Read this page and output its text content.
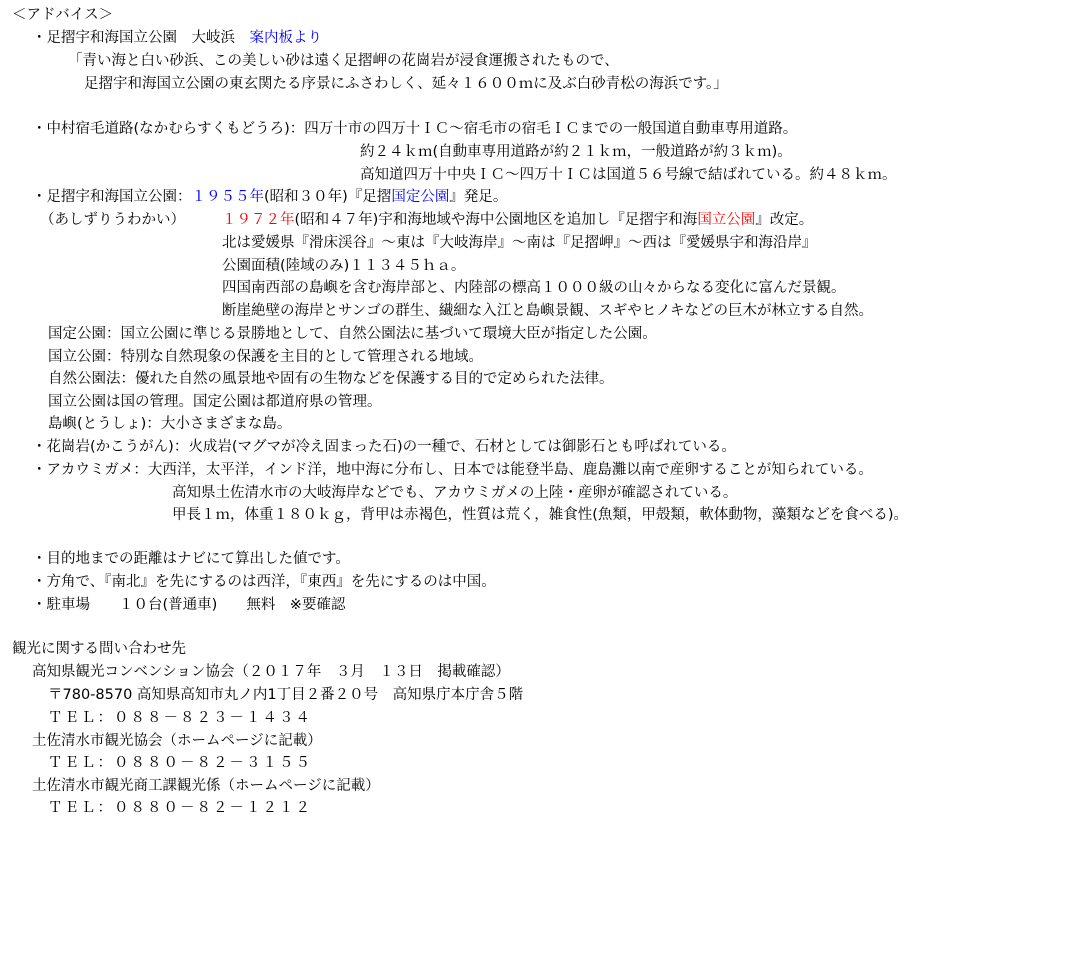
＜アドバイス＞
・足摺宇和海国立公園　大岐浜　 案内板より
「青い海と白い砂浜、この美しい砂は遠く足摺岬の花崗岩が浸食運搬されたもので、
足摺宇和海国立公園の東玄関たる序景にふさわしく、延々１６００ｍに及ぶ白砂青松の海浜です。」
・中村宿毛道路(なかむらすくもどうろ)：四万十市の四万十ＩＣ～宿毛市の宿毛ＩＣまでの一般国道自動車専用道路。
約２４ｋｍ(自動車専用道路が約２１ｋｍ，一般道路が約３ｋｍ)。
高知道四万十中央ＩＣ～四万十ＩＣは国道５６号線で結ばれている。約４８ｋｍ。
・足摺宇和海国立公園：１９５５年(昭和３０年)『足摺国定公園』発足。
（あしずりうわかい）	１９７２年(昭和４７年)宇和海地域や海中公園地区を追加し『足摺宇和海国立公園』改定。
北は愛媛県『滑床渓谷』～東は『大岐海岸』～南は『足摺岬』～西は『愛媛県宇和海沿岸』
公園面積(陸域のみ)１１３４５ｈａ。
四国南西部の島嶼を含む海岸部と、内陸部の標高１０００級の山々からなる変化に富んだ景観。
断崖絶壁の海岸とサンゴの群生、繊細な入江と島嶼景観、スギやヒノキなどの巨木が林立する自然。
国定公園：国立公園に準じる景勝地として、自然公園法に基づいて環境大臣が指定した公園。
国立公園：特別な自然現象の保護を主目的として管理される地域。
自然公園法：優れた自然の風景地や固有の生物などを保護する目的で定められた法律。
国立公園は国の管理。国定公園は都道府県の管理。
島嶼(とうしょ)：大小さまざまな島。
・花崗岩(かこうがん)：火成岩(マグマが冷え固まった石)の一種で、石材としては御影石とも呼ばれている。
・アカウミガメ：大西洋，太平洋，インド洋，地中海に分布し、日本では能登半島、鹿島灘以南で産卵することが知られている。
高知県土佐清水市の大岐海岸などでも、アカウミガメの上陸・産卵が確認されている。
甲長１ｍ，体重１８０ｋｇ，背甲は赤褐色，性質は荒く，雑食性(魚類，甲殻類，軟体動物，藻類などを食べる)。
・目的地までの距離はナビにて算出した値です。
・方角で、『南北』を先にするのは西洋，『東西』を先にするのは中国。
・駐車場　　１０台(普通車)　　無料　※要確認
観光に関する問い合わせ先
高知県観光コンベンション協会（２０１７年　３月　１３日　掲載確認）
〒780-8570 高知県高知市丸ノ内1丁目２番２０号　高知県庁本庁舎５階
ＴＥＬ：０８８－８２３－１４３４
土佐清水市観光協会（ホームページに記載）
ＴＥＬ：０８８０－８２－３１５５
土佐清水市観光商工課観光係（ホームページに記載）
ＴＥＬ：０８８０－８２－１２１２
